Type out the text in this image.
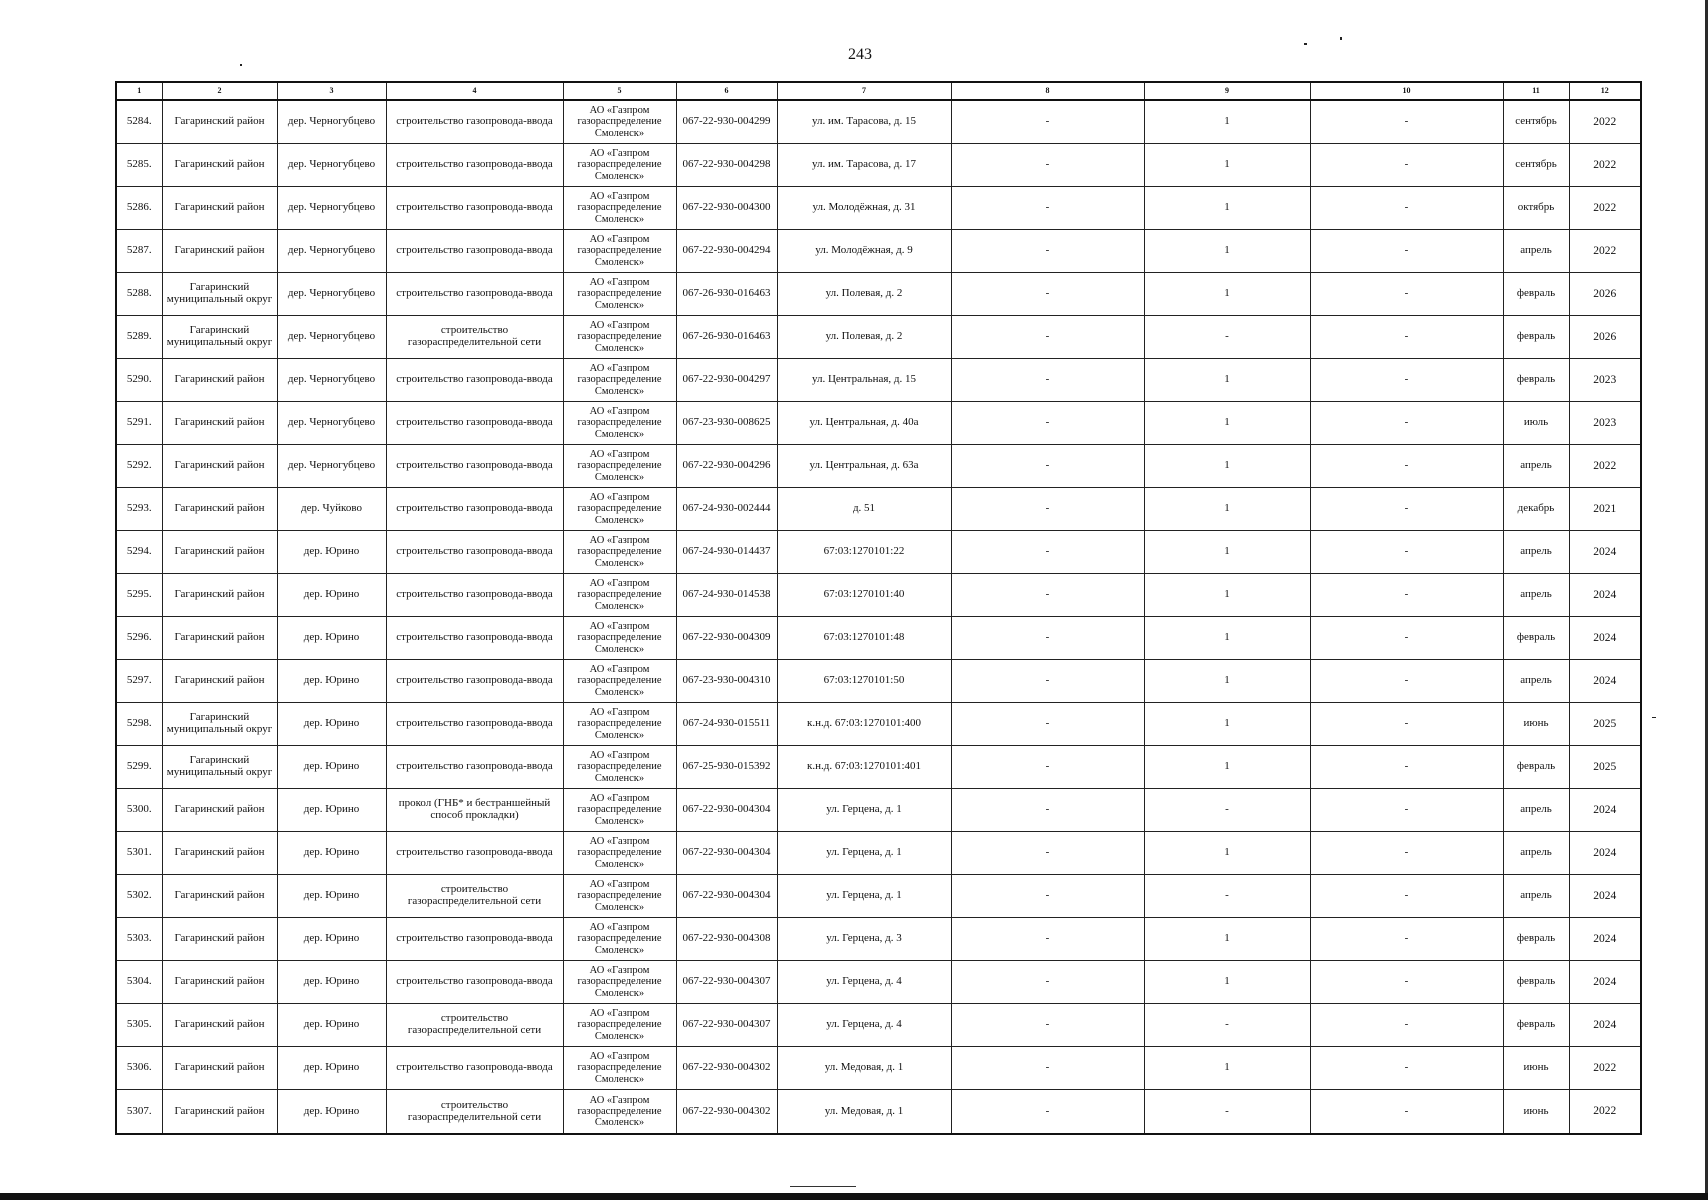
243
1	2	3	4	5	6	7	8	9	10	11	12
5284.	Гагаринский район	дер. Черногубцево	строительство газопровода-ввода	АО «Газпром газораспределение Смоленск»	067-22-930-004299	ул. им. Тарасова, д. 15	-	1	-	сентябрь	2022
5285.	Гагаринский район	дер. Черногубцево	строительство газопровода-ввода	АО «Газпром газораспределение Смоленск»	067-22-930-004298	ул. им. Тарасова, д. 17	-	1	-	сентябрь	2022
5286.	Гагаринский район	дер. Черногубцево	строительство газопровода-ввода	АО «Газпром газораспределение Смоленск»	067-22-930-004300	ул. Молодёжная, д. 31	-	1	-	октябрь	2022
5287.	Гагаринский район	дер. Черногубцево	строительство газопровода-ввода	АО «Газпром газораспределение Смоленск»	067-22-930-004294	ул. Молодёжная, д. 9	-	1	-	апрель	2022
5288.	Гагаринский муниципальный округ	дер. Черногубцево	строительство газопровода-ввода	АО «Газпром газораспределение Смоленск»	067-26-930-016463	ул. Полевая, д. 2	-	1	-	февраль	2026
5289.	Гагаринский муниципальный округ	дер. Черногубцево	строительство газораспределительной сети	АО «Газпром газораспределение Смоленск»	067-26-930-016463	ул. Полевая, д. 2	-	-	-	февраль	2026
5290.	Гагаринский район	дер. Черногубцево	строительство газопровода-ввода	АО «Газпром газораспределение Смоленск»	067-22-930-004297	ул. Центральная, д. 15	-	1	-	февраль	2023
5291.	Гагаринский район	дер. Черногубцево	строительство газопровода-ввода	АО «Газпром газораспределение Смоленск»	067-23-930-008625	ул. Центральная, д. 40а	-	1	-	июль	2023
5292.	Гагаринский район	дер. Черногубцево	строительство газопровода-ввода	АО «Газпром газораспределение Смоленск»	067-22-930-004296	ул. Центральная, д. 63а	-	1	-	апрель	2022
5293.	Гагаринский район	дер. Чуйково	строительство газопровода-ввода	АО «Газпром газораспределение Смоленск»	067-24-930-002444	д. 51	-	1	-	декабрь	2021
5294.	Гагаринский район	дер. Юрино	строительство газопровода-ввода	АО «Газпром газораспределение Смоленск»	067-24-930-014437	67:03:1270101:22	-	1	-	апрель	2024
5295.	Гагаринский район	дер. Юрино	строительство газопровода-ввода	АО «Газпром газораспределение Смоленск»	067-24-930-014538	67:03:1270101:40	-	1	-	апрель	2024
5296.	Гагаринский район	дер. Юрино	строительство газопровода-ввода	АО «Газпром газораспределение Смоленск»	067-22-930-004309	67:03:1270101:48	-	1	-	февраль	2024
5297.	Гагаринский район	дер. Юрино	строительство газопровода-ввода	АО «Газпром газораспределение Смоленск»	067-23-930-004310	67:03:1270101:50	-	1	-	апрель	2024
5298.	Гагаринский муниципальный округ	дер. Юрино	строительство газопровода-ввода	АО «Газпром газораспределение Смоленск»	067-24-930-015511	к.н.д. 67:03:1270101:400	-	1	-	июнь	2025
5299.	Гагаринский муниципальный округ	дер. Юрино	строительство газопровода-ввода	АО «Газпром газораспределение Смоленск»	067-25-930-015392	к.н.д. 67:03:1270101:401	-	1	-	февраль	2025
5300.	Гагаринский район	дер. Юрино	прокол (ГНБ* и бестраншейный способ прокладки)	АО «Газпром газораспределение Смоленск»	067-22-930-004304	ул. Герцена, д. 1	-	-	-	апрель	2024
5301.	Гагаринский район	дер. Юрино	строительство газопровода-ввода	АО «Газпром газораспределение Смоленск»	067-22-930-004304	ул. Герцена, д. 1	-	1	-	апрель	2024
5302.	Гагаринский район	дер. Юрино	строительство газораспределительной сети	АО «Газпром газораспределение Смоленск»	067-22-930-004304	ул. Герцена, д. 1	-	-	-	апрель	2024
5303.	Гагаринский район	дер. Юрино	строительство газопровода-ввода	АО «Газпром газораспределение Смоленск»	067-22-930-004308	ул. Герцена, д. 3	-	1	-	февраль	2024
5304.	Гагаринский район	дер. Юрино	строительство газопровода-ввода	АО «Газпром газораспределение Смоленск»	067-22-930-004307	ул. Герцена, д. 4	-	1	-	февраль	2024
5305.	Гагаринский район	дер. Юрино	строительство газораспределительной сети	АО «Газпром газораспределение Смоленск»	067-22-930-004307	ул. Герцена, д. 4	-	-	-	февраль	2024
5306.	Гагаринский район	дер. Юрино	строительство газопровода-ввода	АО «Газпром газораспределение Смоленск»	067-22-930-004302	ул. Медовая, д. 1	-	1	-	июнь	2022
5307.	Гагаринский район	дер. Юрино	строительство газораспределительной сети	АО «Газпром газораспределение Смоленск»	067-22-930-004302	ул. Медовая, д. 1	-	-	-	июнь	2022
